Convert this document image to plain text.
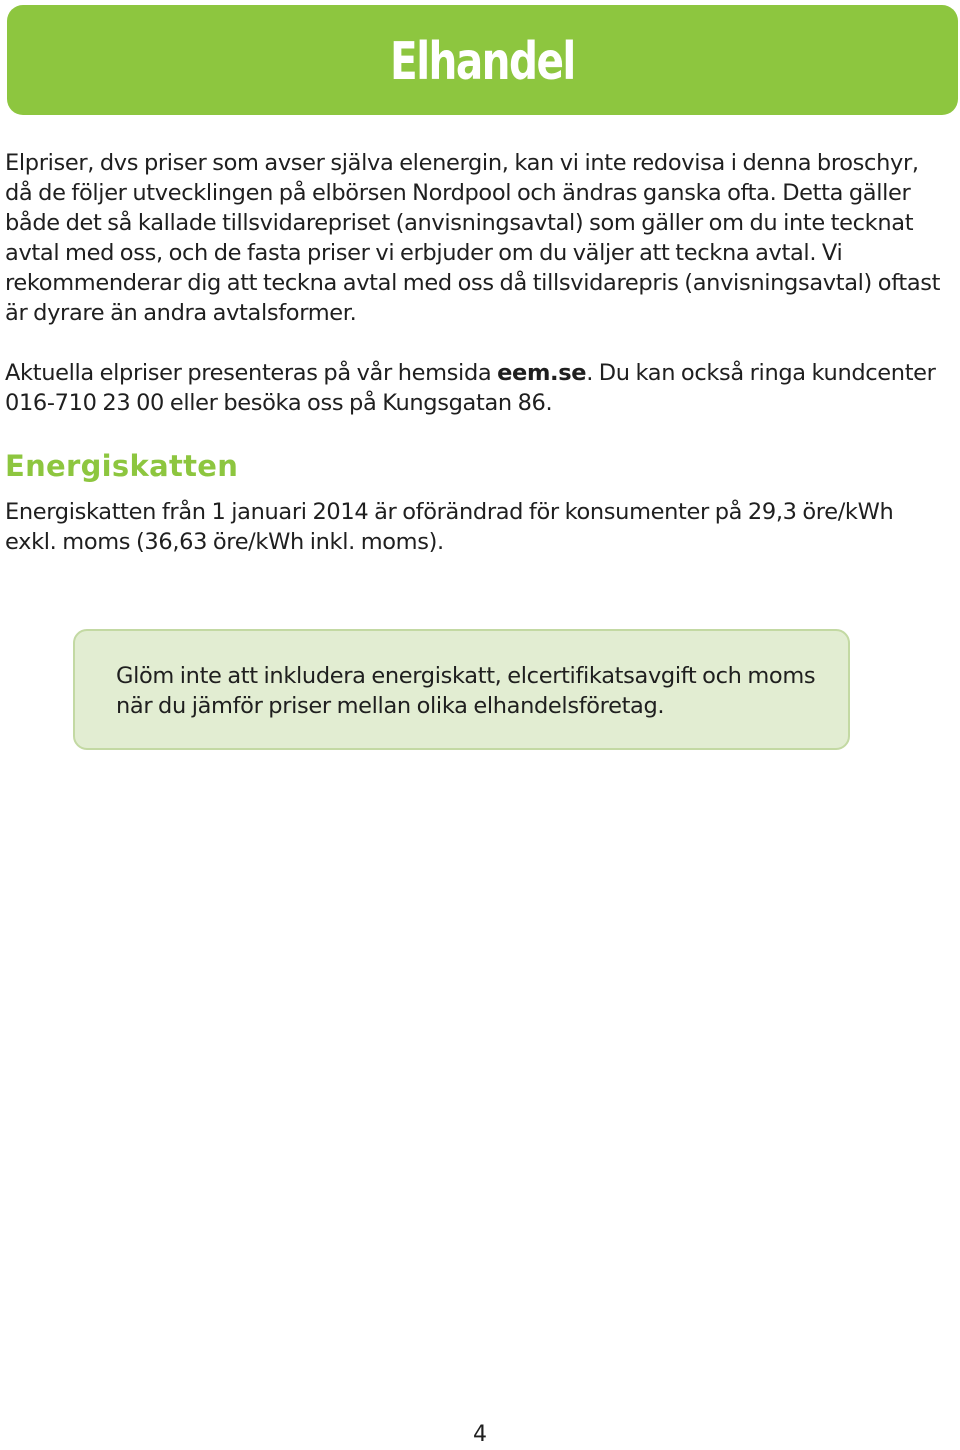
Elhandel

Elpriser, dvs priser som avser själva elenergin, kan vi inte redovisa i denna broschyr, då de följer utvecklingen på elbörsen Nordpool och ändras ganska ofta. Detta gäller både det så kallade tillsvidarepriset (anvisningsavtal) som gäller om du inte tecknat avtal med oss, och de fasta priser vi erbjuder om du väljer att teckna avtal. Vi rekommenderar dig att teckna avtal med oss då tillsvidarepris (anvisningsavtal) oftast är dyrare än andra avtalsformer.

Aktuella elpriser presenteras på vår hemsida eem.se. Du kan också ringa kundcenter 016-710 23 00 eller besöka oss på Kungsgatan 86.

Energiskatten

Energiskatten från 1 januari 2014 är oförändrad för konsumenter på 29,3 öre/kWh exkl. moms (36,63 öre/kWh inkl. moms).

Glöm inte att inkludera energiskatt, elcertifikatsavgift och moms när du jämför priser mellan olika elhandelsföretag.

4
